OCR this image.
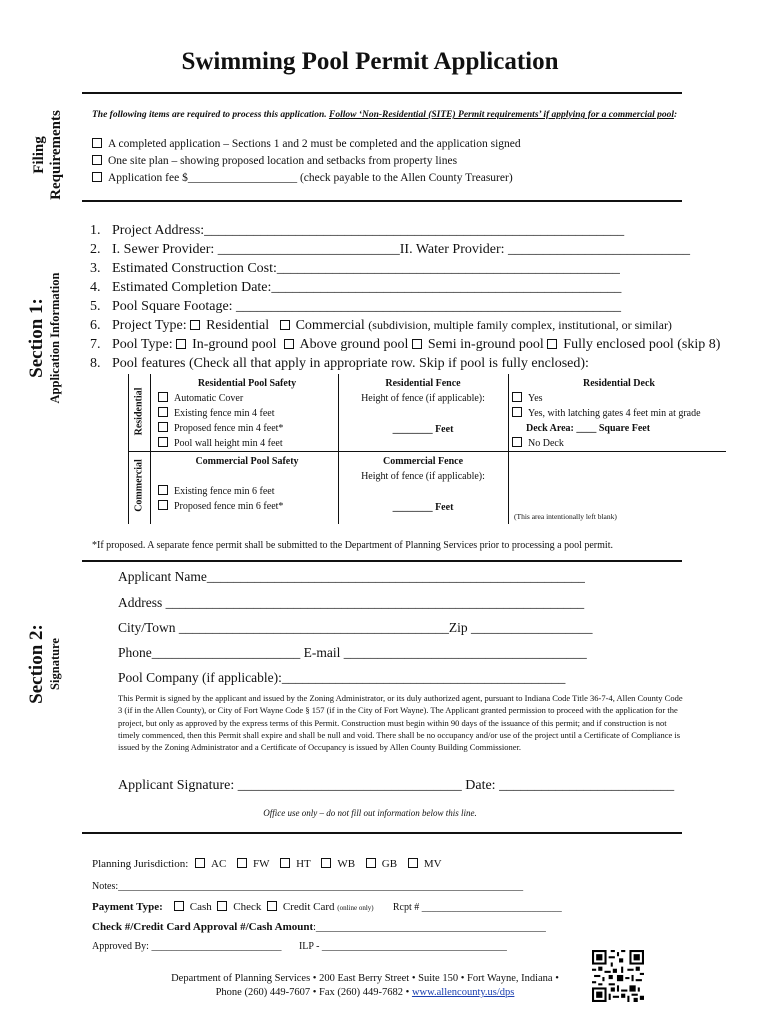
Swimming Pool Permit Application
Filing Requirements	The following items are required to process this application. Follow ‘Non-Residential (SITE) Permit requirements’ if applying for a commercial pool:
A completed application – Sections 1 and 2 must be completed and the application signed
One site plan – showing proposed location and setbacks from property lines
Application fee $___________________ (check payable to the Allen County Treasurer)
Section 1: Application Information
1. Project Address:____________________________________________________________
2. I. Sewer Provider: __________________________II. Water Provider: __________________________
3. Estimated Construction Cost:_________________________________________________
4. Estimated Completion Date:__________________________________________________
5. Pool Square Footage: _______________________________________________________
6. Project Type: Residential Commercial (subdivision, multiple family complex, institutional, or similar)
7. Pool Type: In-ground pool Above ground pool Semi in-ground pool Fully enclosed pool (skip 8)
8. Pool features (Check all that apply in appropriate row. Skip if pool is fully enclosed):
Residential
Commercial
Residential Pool Safety
Automatic Cover
Existing fence min 4 feet
Proposed fence min 4 feet*
Pool wall height min 4 feet
Residential Fence
Height of fence (if applicable):
________ Feet
Residential Deck
Yes
Yes, with latching gates 4 feet min at grade
Deck Area: ____ Square Feet
No Deck
Commercial Pool Safety
Existing fence min 6 feet
Proposed fence min 6 feet*
Commercial Fence
Height of fence (if applicable):
________ Feet
(This area intentionally left blank)
*If proposed. A separate fence permit shall be submitted to the Department of Planning Services prior to processing a pool permit.
Section 2: Signature
Applicant Name________________________________________________________
Address ______________________________________________________________
City/Town ________________________________________Zip __________________
Phone______________________ E-mail ____________________________________
Pool Company (if applicable):__________________________________________
This Permit is signed by the applicant and issued by the Zoning Administrator, or its duly authorized agent, pursuant to Indiana Code Title 36-7-4, Allen County Code 3 (if in the Allen County), or City of Fort Wayne Code § 157 (if in the City of Fort Wayne). The Applicant granted permission to proceed with the application for the project, but only as approved by the express terms of this Permit. Construction must begin within 90 days of the issuance of this permit; and if construction is not timely commenced, then this Permit shall expire and shall be null and void. There shall be no occupancy and/or use of the project until a Certificate of Compliance is issued by the Zoning Administrator and a Certificate of Occupancy is issued by Allen County Building Commissioner.
Applicant Signature: ________________________________ Date: _________________________
Office use only – do not fill out information below this line.
Planning Jurisdiction: AC FW HT WB GB MV
Notes:_________________________________________________________________________________
Payment Type: Cash Check Credit Card (online only) Rcpt # ____________________________
Check #/Credit Card Approval #/Cash Amount:______________________________________________
Approved By: __________________________ ILP - _____________________________________
Department of Planning Services • 200 East Berry Street • Suite 150 • Fort Wayne, Indiana •
Phone (260) 449-7607 • Fax (260) 449-7682 • www.allencounty.us/dps
